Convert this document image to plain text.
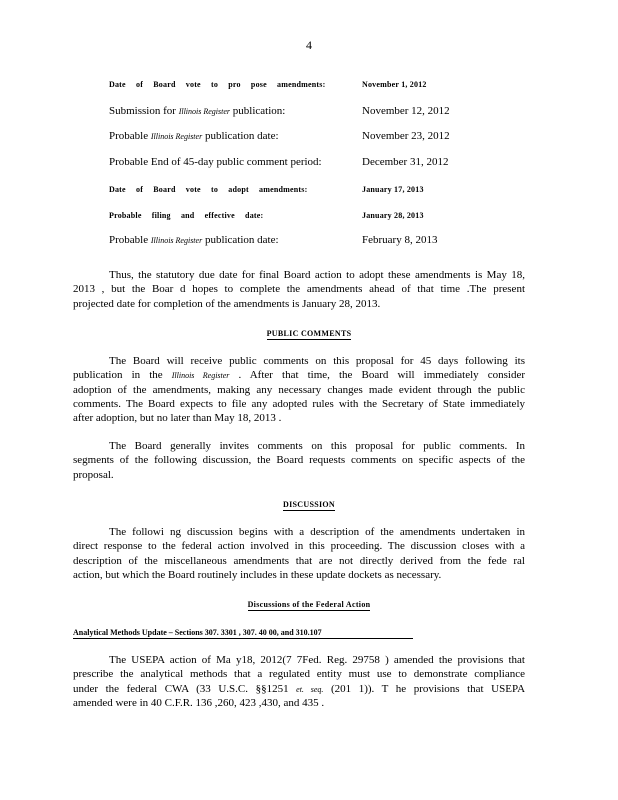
4
Date of Board vote to pro pose amendments:	November 1, 2012
Submission for Illinois Register publication:	November 12, 2012
Probable Illinois Register publication date:	November 23, 2012
Probable End of 45-day public comment period:	December 31, 2012
Date of Board vote to adopt amendments:	January 17, 2013
Probable filing and effective date:	January 28, 2013
Probable Illinois Register publication date:	February 8, 2013
Thus, the statutory due date for final Board action to adopt these amendments is May 18,
2013 , but the Boar d hopes to complete the amendments ahead of that time .The present
projected date for completion of the amendments is January 28, 2013.
PUBLIC COMMENTS
The Board will receive public comments on this proposal for 45 days following its
publication in the Illinois Register . After that time, the Board will immediately consider
adoption of the amendments, making any necessary changes made evident through the public
comments. The Board expects to file any adopted rules with the Secretary of State immediately
after adoption, but no later than May 18, 2013 .
The Board generally invites comments on this proposal for public comments. In
segments of the following discussion, the Board requests comments on specific aspects of the
proposal.
DISCUSSION
The followi ng discussion begins with a description of the amendments undertaken in
direct response to the federal action involved in this proceeding. The discussion closes with a
description of the miscellaneous amendments that are not directly derived from the fede ral
action, but which the Board routinely includes in these update dockets as necessary.
Discussions of the Federal Action
Analytical Methods Update – Sections 307. 3301 , 307. 40 00, and 310.107
The USEPA action of Ma y18, 2012(7 7Fed. Reg. 29758 ) amended the provisions that
prescribe the analytical methods that a regulated entity must use to demonstrate compliance
under the federal CWA (33 U.S.C. §§1251 et. seq. (201 1)). T he provisions that USEPA
amended were in 40 C.F.R. 136 ,260, 423 ,430, and 435 .
